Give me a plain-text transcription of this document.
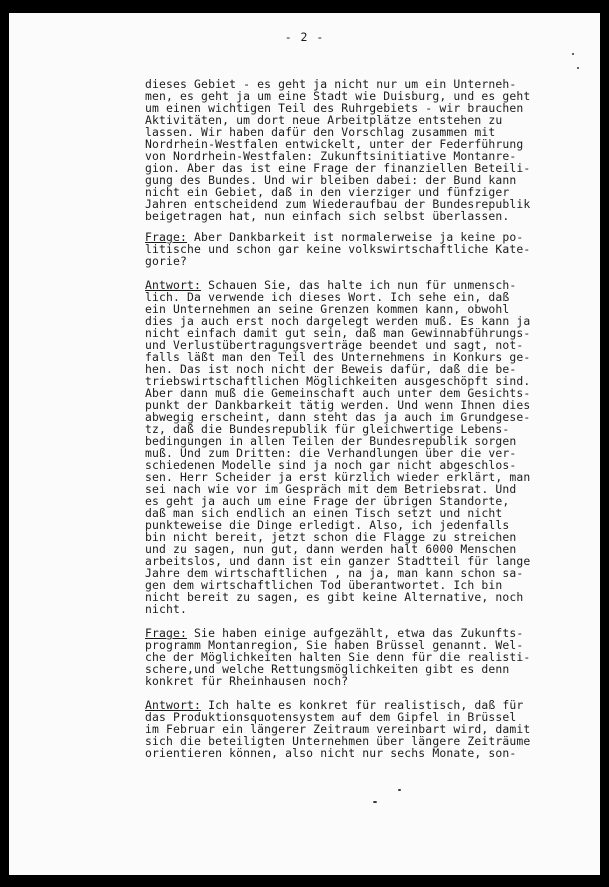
- 2 -
dieses Gebiet - es geht ja nicht nur um ein Unterneh-
men, es geht ja um eine Stadt wie Duisburg, und es geht
um einen wichtigen Teil des Ruhrgebiets - wir brauchen
Aktivitäten, um dort neue Arbeitplätze entstehen zu
lassen. Wir haben dafür den Vorschlag zusammen mit
Nordrhein-Westfalen entwickelt, unter der Federführung
von Nordrhein-Westfalen: Zukunftsinitiative Montanre-
gion. Aber das ist eine Frage der finanziellen Beteili-
gung des Bundes. Und wir bleiben dabei: der Bund kann
nicht ein Gebiet, daß in den vierziger und fünfziger
Jahren entscheidend zum Wiederaufbau der Bundesrepublik
beigetragen hat, nun einfach sich selbst überlassen.
Frage: Aber Dankbarkeit ist normalerweise ja keine po-
litische und schon gar keine volkswirtschaftliche Kate-
gorie?
Antwort: Schauen Sie, das halte ich nun für unmensch-
lich. Da verwende ich dieses Wort. Ich sehe ein, daß
ein Unternehmen an seine Grenzen kommen kann, obwohl
dies ja auch erst noch dargelegt werden muß. Es kann ja
nicht einfach damit gut sein, daß man Gewinnabführungs-
und Verlustübertragungsverträge beendet und sagt, not-
falls läßt man den Teil des Unternehmens in Konkurs ge-
hen. Das ist noch nicht der Beweis dafür, daß die be-
triebswirtschaftlichen Möglichkeiten ausgeschöpft sind.
Aber dann muß die Gemeinschaft auch unter dem Gesichts-
punkt der Dankbarkeit tätig werden. Und wenn Ihnen dies
abwegig erscheint, dann steht das ja auch im Grundgese-
tz, daß die Bundesrepublik für gleichwertige Lebens-
bedingungen in allen Teilen der Bundesrepublik sorgen
muß. Und zum Dritten: die Verhandlungen über die ver-
schiedenen Modelle sind ja noch gar nicht abgeschlos-
sen. Herr Scheider ja erst kürzlich wieder erklärt, man
sei nach wie vor im Gespräch mit dem Betriebsrat. Und
es geht ja auch um eine Frage der übrigen Standorte,
daß man sich endlich an einen Tisch setzt und nicht
punkteweise die Dinge erledigt. Also, ich jedenfalls
bin nicht bereit, jetzt schon die Flagge zu streichen
und zu sagen, nun gut, dann werden halt 6000 Menschen
arbeitslos, und dann ist ein ganzer Stadtteil für lange
Jahre dem wirtschaftlichen , na ja, man kann schon sa-
gen dem wirtschaftlichen Tod überantwortet. Ich bin
nicht bereit zu sagen, es gibt keine Alternative, noch
nicht.
Frage: Sie haben einige aufgezählt, etwa das Zukunfts-
programm Montanregion, Sie haben Brüssel genannt. Wel-
che der Möglichkeiten halten Sie denn für die realisti-
schere,und welche Rettungsmöglichkeiten gibt es denn
konkret für Rheinhausen noch?
Antwort: Ich halte es konkret für realistisch, daß für
das Produktionsquotensystem auf dem Gipfel in Brüssel
im Februar ein längerer Zeitraum vereinbart wird, damit
sich die beteiligten Unternehmen über längere Zeiträume
orientieren können, also nicht nur sechs Monate, son-
